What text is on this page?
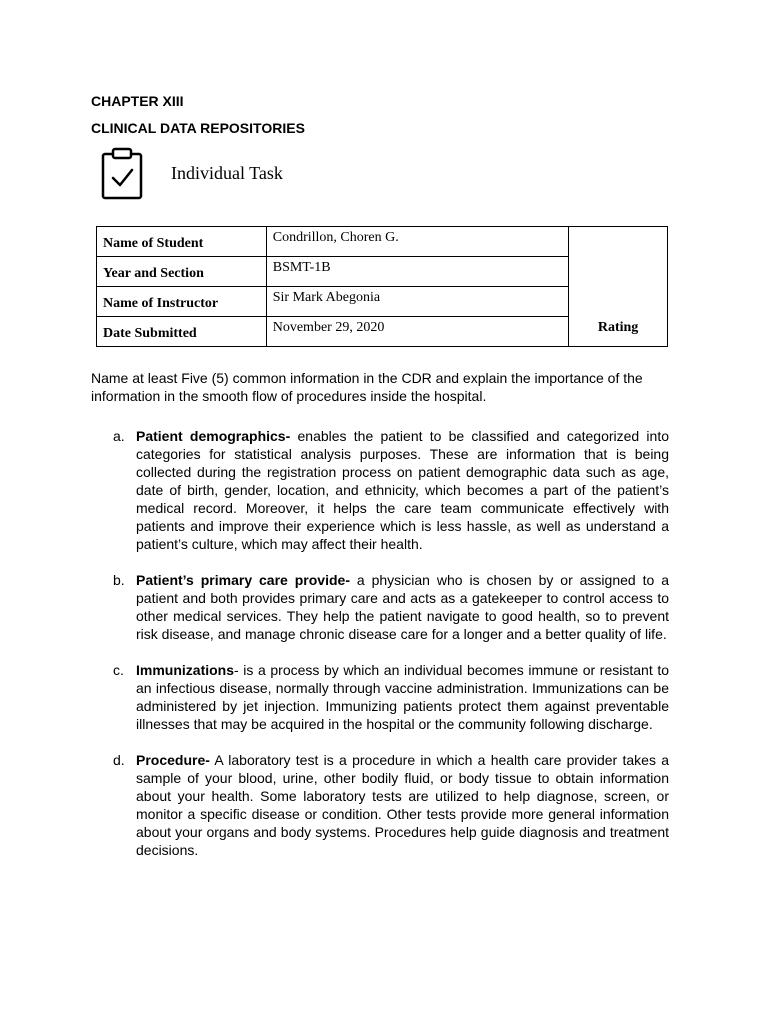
CHAPTER XIII
CLINICAL DATA REPOSITORIES
Individual Task
Name of Student	Condrillon, Choren G.	Rating
Year and Section	BSMT-1B	
Name of Instructor	Sir Mark Abegonia	
Date Submitted	November 29, 2020	
Name at least Five (5) common information in the CDR and explain the importance of the information in the smooth flow of procedures inside the hospital.
a. Patient demographics- enables the patient to be classified and categorized into categories for statistical analysis purposes. These are information that is being collected during the registration process on patient demographic data such as age, date of birth, gender, location, and ethnicity, which becomes a part of the patient’s medical record. Moreover, it helps the care team communicate effectively with patients and improve their experience which is less hassle, as well as understand a patient’s culture, which may affect their health.
b. Patient’s primary care provide- a physician who is chosen by or assigned to a patient and both provides primary care and acts as a gatekeeper to control access to other medical services. They help the patient navigate to good health, so to prevent risk disease, and manage chronic disease care for a longer and a better quality of life.
c. Immunizations- is a process by which an individual becomes immune or resistant to an infectious disease, normally through vaccine administration. Immunizations can be administered by jet injection. Immunizing patients protect them against preventable illnesses that may be acquired in the hospital or the community following discharge.
d. Procedure- A laboratory test is a procedure in which a health care provider takes a sample of your blood, urine, other bodily fluid, or body tissue to obtain information about your health. Some laboratory tests are utilized to help diagnose, screen, or monitor a specific disease or condition. Other tests provide more general information about your organs and body systems. Procedures help guide diagnosis and treatment decisions.
